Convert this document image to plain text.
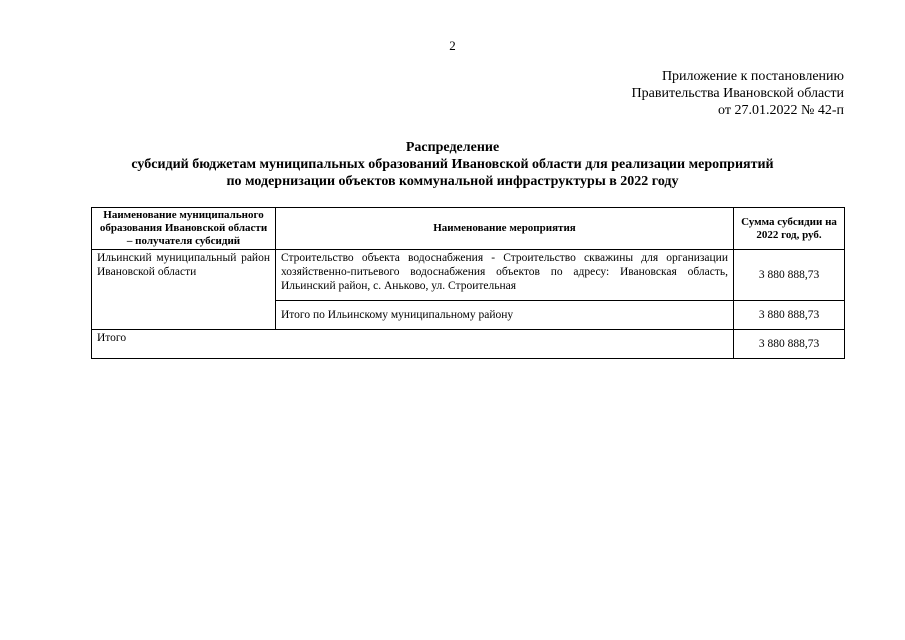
2
Приложение к постановлению
Правительства Ивановской области
от 27.01.2022 № 42-п
Распределение
субсидий бюджетам муниципальных образований Ивановской области для реализации мероприятий
по модернизации объектов коммунальной инфраструктуры в 2022 году
Наименование муниципального образования Ивановской области – получателя субсидий	Наименование мероприятия	Сумма субсидии на 2022 год, руб.
Ильинский муниципальный район Ивановской области	Строительство объекта водоснабжения - Строительство скважины для организации хозяйственно-питьевого водоснабжения объектов по адресу: Ивановская область, Ильинский район, с. Аньково, ул. Строительная	3 880 888,73
	Итого по Ильинскому муниципальному району	3 880 888,73
Итого		3 880 888,73
